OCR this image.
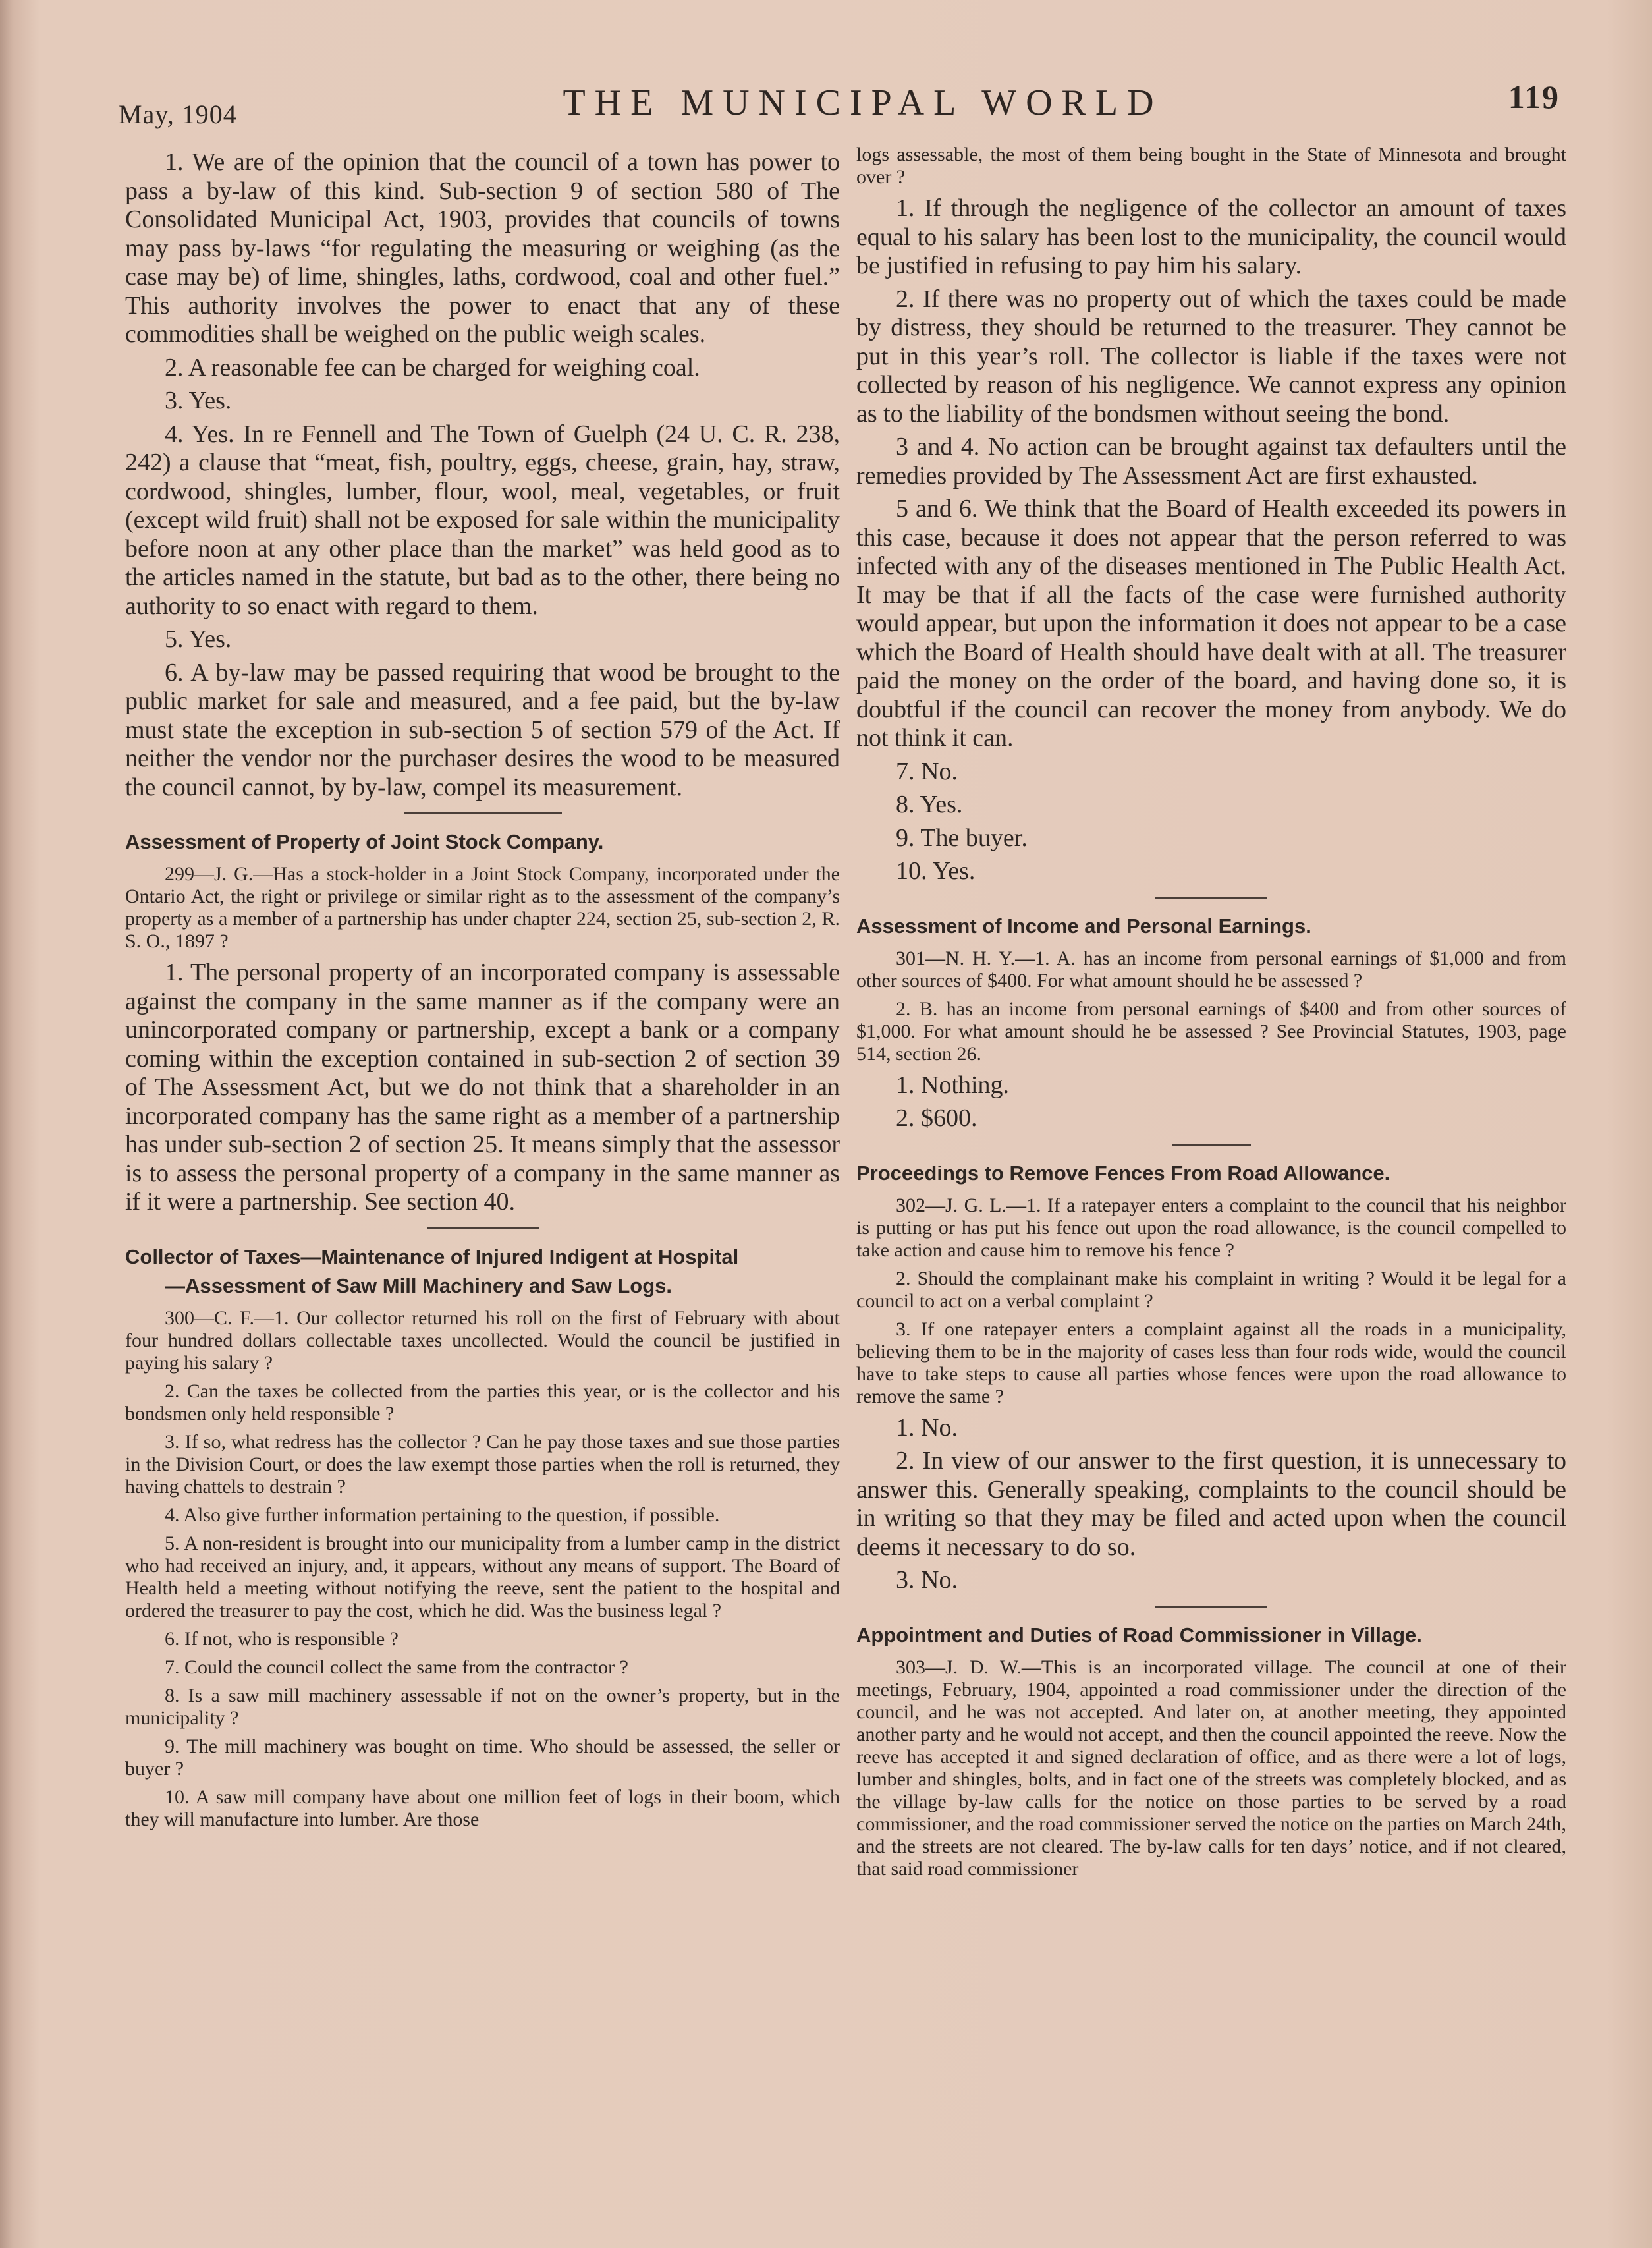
May, 1904	THE MUNICIPAL WORLD	119

1. We are of the opinion that the council of a town has power to pass a by-law of this kind. Sub-section 9 of section 580 of The Consolidated Municipal Act, 1903, provides that councils of towns may pass by-laws “for regulating the measuring or weighing (as the case may be) of lime, shingles, laths, cordwood, coal and other fuel.” This authority involves the power to enact that any of these commodities shall be weighed on the public weigh scales.

2. A reasonable fee can be charged for weighing coal.

3. Yes.

4. Yes. In re Fennell and The Town of Guelph (24 U. C. R. 238, 242) a clause that “meat, fish, poultry, eggs, cheese, grain, hay, straw, cordwood, shingles, lumber, flour, wool, meal, vegetables, or fruit (except wild fruit) shall not be exposed for sale within the municipality before noon at any other place than the market” was held good as to the articles named in the statute, but bad as to the other, there being no authority to so enact with regard to them.

5. Yes.

6. A by-law may be passed requiring that wood be brought to the public market for sale and measured, and a fee paid, but the by-law must state the exception in sub-section 5 of section 579 of the Act. If neither the vendor nor the purchaser desires the wood to be measured the council cannot, by by-law, compel its measurement.

Assessment of Property of Joint Stock Company.

299—J. G.—Has a stock-holder in a Joint Stock Company, incorporated under the Ontario Act, the right or privilege or similar right as to the assessment of the company’s property as a member of a partnership has under chapter 224, section 25, sub-section 2, R. S. O., 1897 ?

1. The personal property of an incorporated company is assessable against the company in the same manner as if the company were an unincorporated company or partnership, except a bank or a company coming within the exception contained in sub-section 2 of section 39 of The Assessment Act, but we do not think that a shareholder in an incorporated company has the same right as a member of a partnership has under sub-section 2 of section 25. It means simply that the assessor is to assess the personal property of a company in the same manner as if it were a partnership. See section 40.

Collector of Taxes—Maintenance of Injured Indigent at Hospital
—Assessment of Saw Mill Machinery and Saw Logs.

300—C. F.—1. Our collector returned his roll on the first of February with about four hundred dollars collectable taxes uncollected. Would the council be justified in paying his salary ?

2. Can the taxes be collected from the parties this year, or is the collector and his bondsmen only held responsible ?

3. If so, what redress has the collector ? Can he pay those taxes and sue those parties in the Division Court, or does the law exempt those parties when the roll is returned, they having chattels to destrain ?

4. Also give further information pertaining to the question, if possible.

5. A non-resident is brought into our municipality from a lumber camp in the district who had received an injury, and, it appears, without any means of support. The Board of Health held a meeting without notifying the reeve, sent the patient to the hospital and ordered the treasurer to pay the cost, which he did. Was the business legal ?

6. If not, who is responsible ?

7. Could the council collect the same from the contractor ?

8. Is a saw mill machinery assessable if not on the owner’s property, but in the municipality ?

9. The mill machinery was bought on time. Who should be assessed, the seller or buyer ?

10. A saw mill company have about one million feet of logs in their boom, which they will manufacture into lumber. Are those

logs assessable, the most of them being bought in the State of Minnesota and brought over ?

1. If through the negligence of the collector an amount of taxes equal to his salary has been lost to the municipality, the council would be justified in refusing to pay him his salary.

2. If there was no property out of which the taxes could be made by distress, they should be returned to the treasurer. They cannot be put in this year’s roll. The collector is liable if the taxes were not collected by reason of his negligence. We cannot express any opinion as to the liability of the bondsmen without seeing the bond.

3 and 4. No action can be brought against tax defaulters until the remedies provided by The Assessment Act are first exhausted.

5 and 6. We think that the Board of Health exceeded its powers in this case, because it does not appear that the person referred to was infected with any of the diseases mentioned in The Public Health Act. It may be that if all the facts of the case were furnished authority would appear, but upon the information it does not appear to be a case which the Board of Health should have dealt with at all. The treasurer paid the money on the order of the board, and having done so, it is doubtful if the council can recover the money from anybody. We do not think it can.

7. No.

8. Yes.

9. The buyer.

10. Yes.

Assessment of Income and Personal Earnings.

301—N. H. Y.—1. A. has an income from personal earnings of $1,000 and from other sources of $400. For what amount should he be assessed ?

2. B. has an income from personal earnings of $400 and from other sources of $1,000. For what amount should he be assessed ? See Provincial Statutes, 1903, page 514, section 26.

1. Nothing.

2. $600.

Proceedings to Remove Fences From Road Allowance.

302—J. G. L.—1. If a ratepayer enters a complaint to the council that his neighbor is putting or has put his fence out upon the road allowance, is the council compelled to take action and cause him to remove his fence ?

2. Should the complainant make his complaint in writing ? Would it be legal for a council to act on a verbal complaint ?

3. If one ratepayer enters a complaint against all the roads in a municipality, believing them to be in the majority of cases less than four rods wide, would the council have to take steps to cause all parties whose fences were upon the road allowance to remove the same ?

1. No.

2. In view of our answer to the first question, it is unnecessary to answer this. Generally speaking, complaints to the council should be in writing so that they may be filed and acted upon when the council deems it necessary to do so.

3. No.

Appointment and Duties of Road Commissioner in Village.

303—J. D. W.—This is an incorporated village. The council at one of their meetings, February, 1904, appointed a road commissioner under the direction of the council, and he was not accepted. And later on, at another meeting, they appointed another party and he would not accept, and then the council appointed the reeve. Now the reeve has accepted it and signed declaration of office, and as there were a lot of logs, lumber and shingles, bolts, and in fact one of the streets was completely blocked, and as the village by-law calls for the notice on those parties to be served by a road commissioner, and the road commissioner served the notice on the parties on March 24th, and the streets are not cleared. The by-law calls for ten days’ notice, and if not cleared, that said road commissioner
